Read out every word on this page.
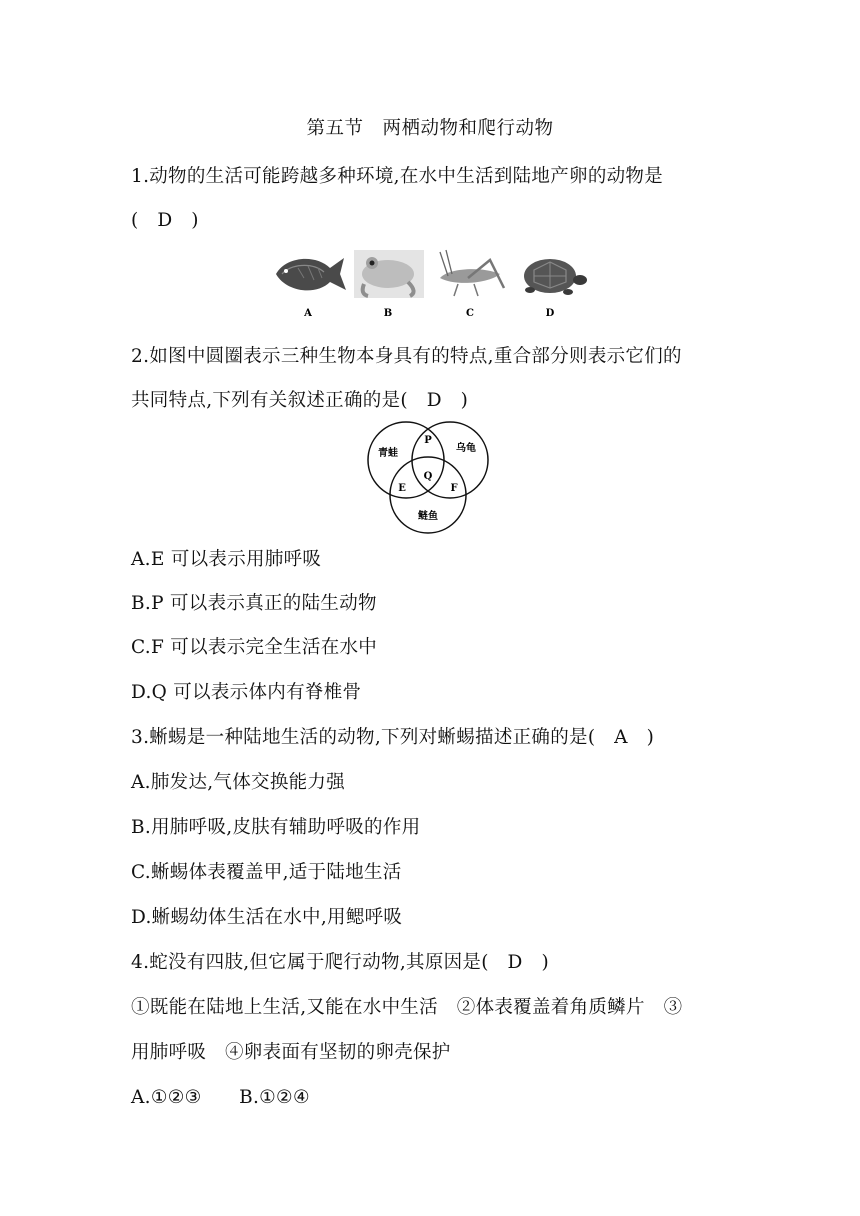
第五节　两栖动物和爬行动物
1.动物的生活可能跨越多种环境,在水中生活到陆地产卵的动物是
(　D　)
A	B	C	D
2.如图中圆圈表示三种生物本身具有的特点,重合部分则表示它们的
共同特点,下列有关叙述正确的是(　D　)
青蛙	乌龟
鲢鱼
P
Q
E	F
A.E 可以表示用肺呼吸
B.P 可以表示真正的陆生动物
C.F 可以表示完全生活在水中
D.Q 可以表示体内有脊椎骨
3.蜥蜴是一种陆地生活的动物,下列对蜥蜴描述正确的是(　A　)
A.肺发达,气体交换能力强
B.用肺呼吸,皮肤有辅助呼吸的作用
C.蜥蜴体表覆盖甲,适于陆地生活
D.蜥蜴幼体生活在水中,用鳃呼吸
4.蛇没有四肢,但它属于爬行动物,其原因是(　D　)
①既能在陆地上生活,又能在水中生活　②体表覆盖着角质鳞片　③
用肺呼吸　④卵表面有坚韧的卵壳保护
A.①②③　　B.①②④
